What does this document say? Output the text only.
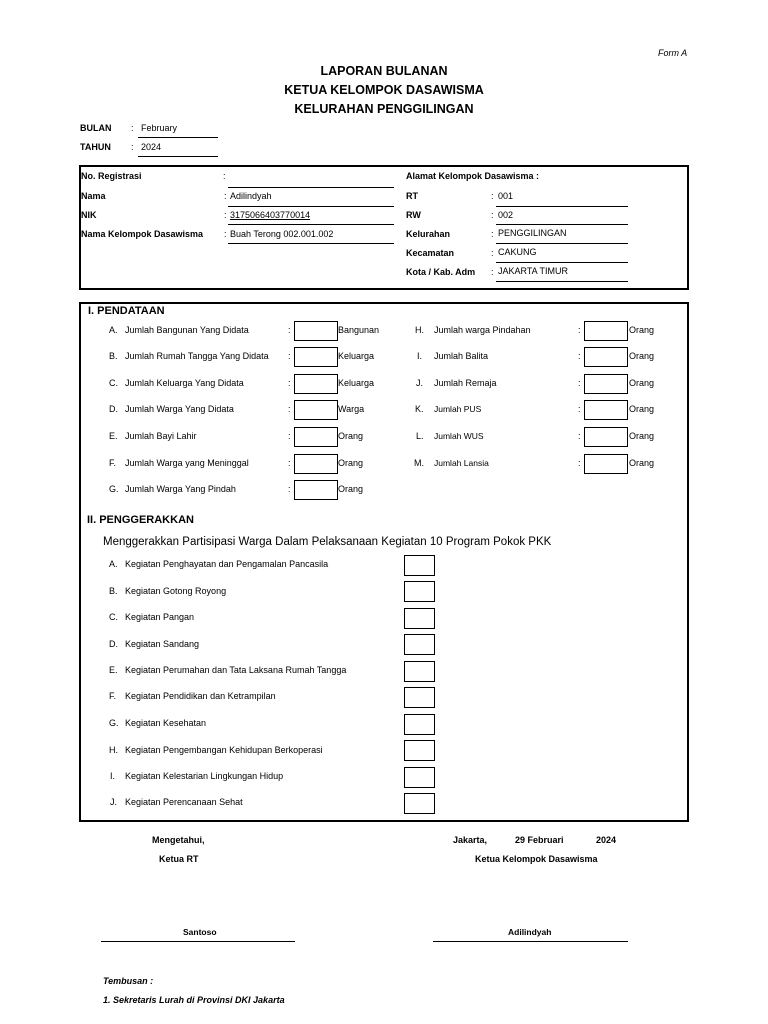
Form A
LAPORAN BULANAN
KETUA KELOMPOK DASAWISMA
KELURAHAN PENGGILINGAN
BULAN : February
TAHUN : 2024
No. Registrasi	:
Nama	: Adilindyah
NIK	: 3175066403770014
Nama Kelompok Dasawisma : Buah Terong 002.001.002
Alamat Kelompok Dasawisma :
RT	: 001
RW	: 002
Kelurahan	: PENGGILINGAN
Kecamatan	: CAKUNG
Kota / Kab. Adm : JAKARTA TIMUR
I. PENDATAAN
A. Jumlah Bangunan Yang Didata	:	Bangunan
B. Jumlah Rumah Tangga Yang Didata :	Keluarga
C. Jumlah Keluarga Yang Didata	:	Keluarga
D. Jumlah Warga Yang Didata	:	Warga
E. Jumlah Bayi Lahir	:	Orang
F. Jumlah Warga yang Meninggal	:	Orang
G. Jumlah Warga Yang Pindah	:	Orang
H. Jumlah warga Pindahan	:	Orang
I. Jumlah Balita	:	Orang
J. Jumlah Remaja	:	Orang
K. Jumlah PUS	:	Orang
L. Jumlah WUS	:	Orang
M. Jumlah Lansia	:	Orang
II. PENGGERAKKAN
Menggerakkan Partisipasi Warga Dalam Pelaksanaan Kegiatan 10 Program Pokok PKK
A. Kegiatan Penghayatan dan Pengamalan Pancasila
B. Kegiatan Gotong Royong
C. Kegiatan Pangan
D. Kegiatan Sandang
E. Kegiatan Perumahan dan Tata Laksana Rumah Tangga
F. Kegiatan Pendidikan dan Ketrampilan
G. Kegiatan Kesehatan
H. Kegiatan Pengembangan Kehidupan Berkoperasi
I. Kegiatan Kelestarian Lingkungan Hidup
J. Kegiatan Perencanaan Sehat
Mengetahui,
Ketua RT
Santoso
Jakarta,	29 Februari	2024
Ketua Kelompok Dasawisma
Adilindyah
Tembusan :
1. Sekretaris Lurah di Provinsi DKI Jakarta
